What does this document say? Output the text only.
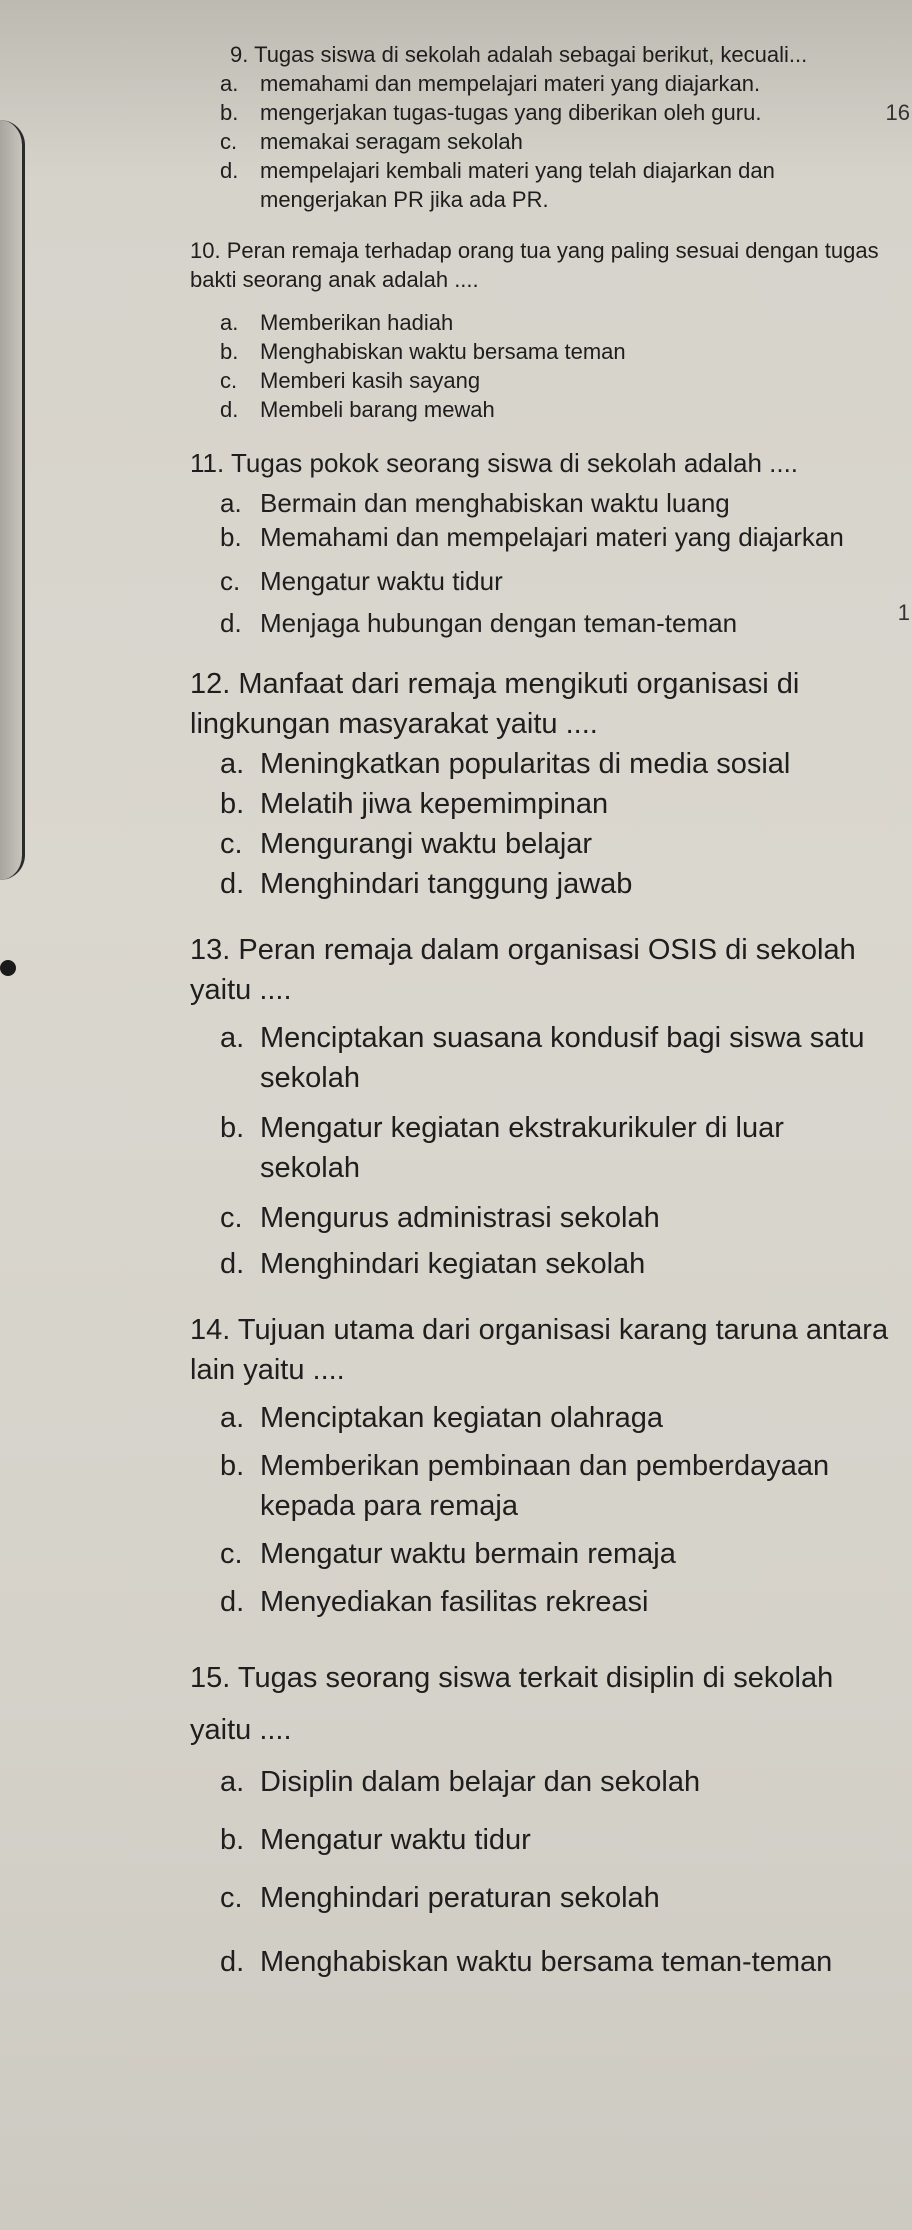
16
1
9. Tugas siswa di sekolah adalah sebagai berikut, kecuali...
a. memahami dan mempelajari materi yang diajarkan.
b. mengerjakan tugas-tugas yang diberikan oleh guru.
c.	memakai seragam sekolah
d. mempelajari kembali materi yang telah diajarkan dan mengerjakan PR jika ada PR.
10. Peran remaja terhadap orang tua yang paling sesuai dengan tugas bakti seorang anak adalah ....
a. Memberikan hadiah
b. Menghabiskan waktu bersama teman
c.	Memberi kasih sayang
d. Membeli barang mewah
11. Tugas pokok seorang siswa di sekolah adalah ....
a. Bermain dan menghabiskan waktu luang
b. Memahami dan mempelajari materi yang diajarkan
c. Mengatur waktu tidur
d. Menjaga hubungan dengan teman-teman
12. Manfaat dari remaja mengikuti organisasi di lingkungan masyarakat yaitu ....
a. Meningkatkan popularitas di media sosial
b. Melatih jiwa kepemimpinan
c. Mengurangi waktu belajar
d. Menghindari tanggung jawab
13. Peran remaja dalam organisasi OSIS di sekolah yaitu ....
a. Menciptakan suasana kondusif bagi siswa satu sekolah
b. Mengatur kegiatan ekstrakurikuler di luar sekolah
c. Mengurus administrasi sekolah
d. Menghindari kegiatan sekolah
14. Tujuan utama dari organisasi karang taruna antara lain yaitu ....
a. Menciptakan kegiatan olahraga
b. Memberikan pembinaan dan pemberdayaan kepada para remaja
c. Mengatur waktu bermain remaja
d. Menyediakan fasilitas rekreasi
15. Tugas seorang siswa terkait disiplin di sekolah yaitu ....
a. Disiplin dalam belajar dan sekolah
b. Mengatur waktu tidur
c. Menghindari peraturan sekolah
d. Menghabiskan waktu bersama teman-teman
